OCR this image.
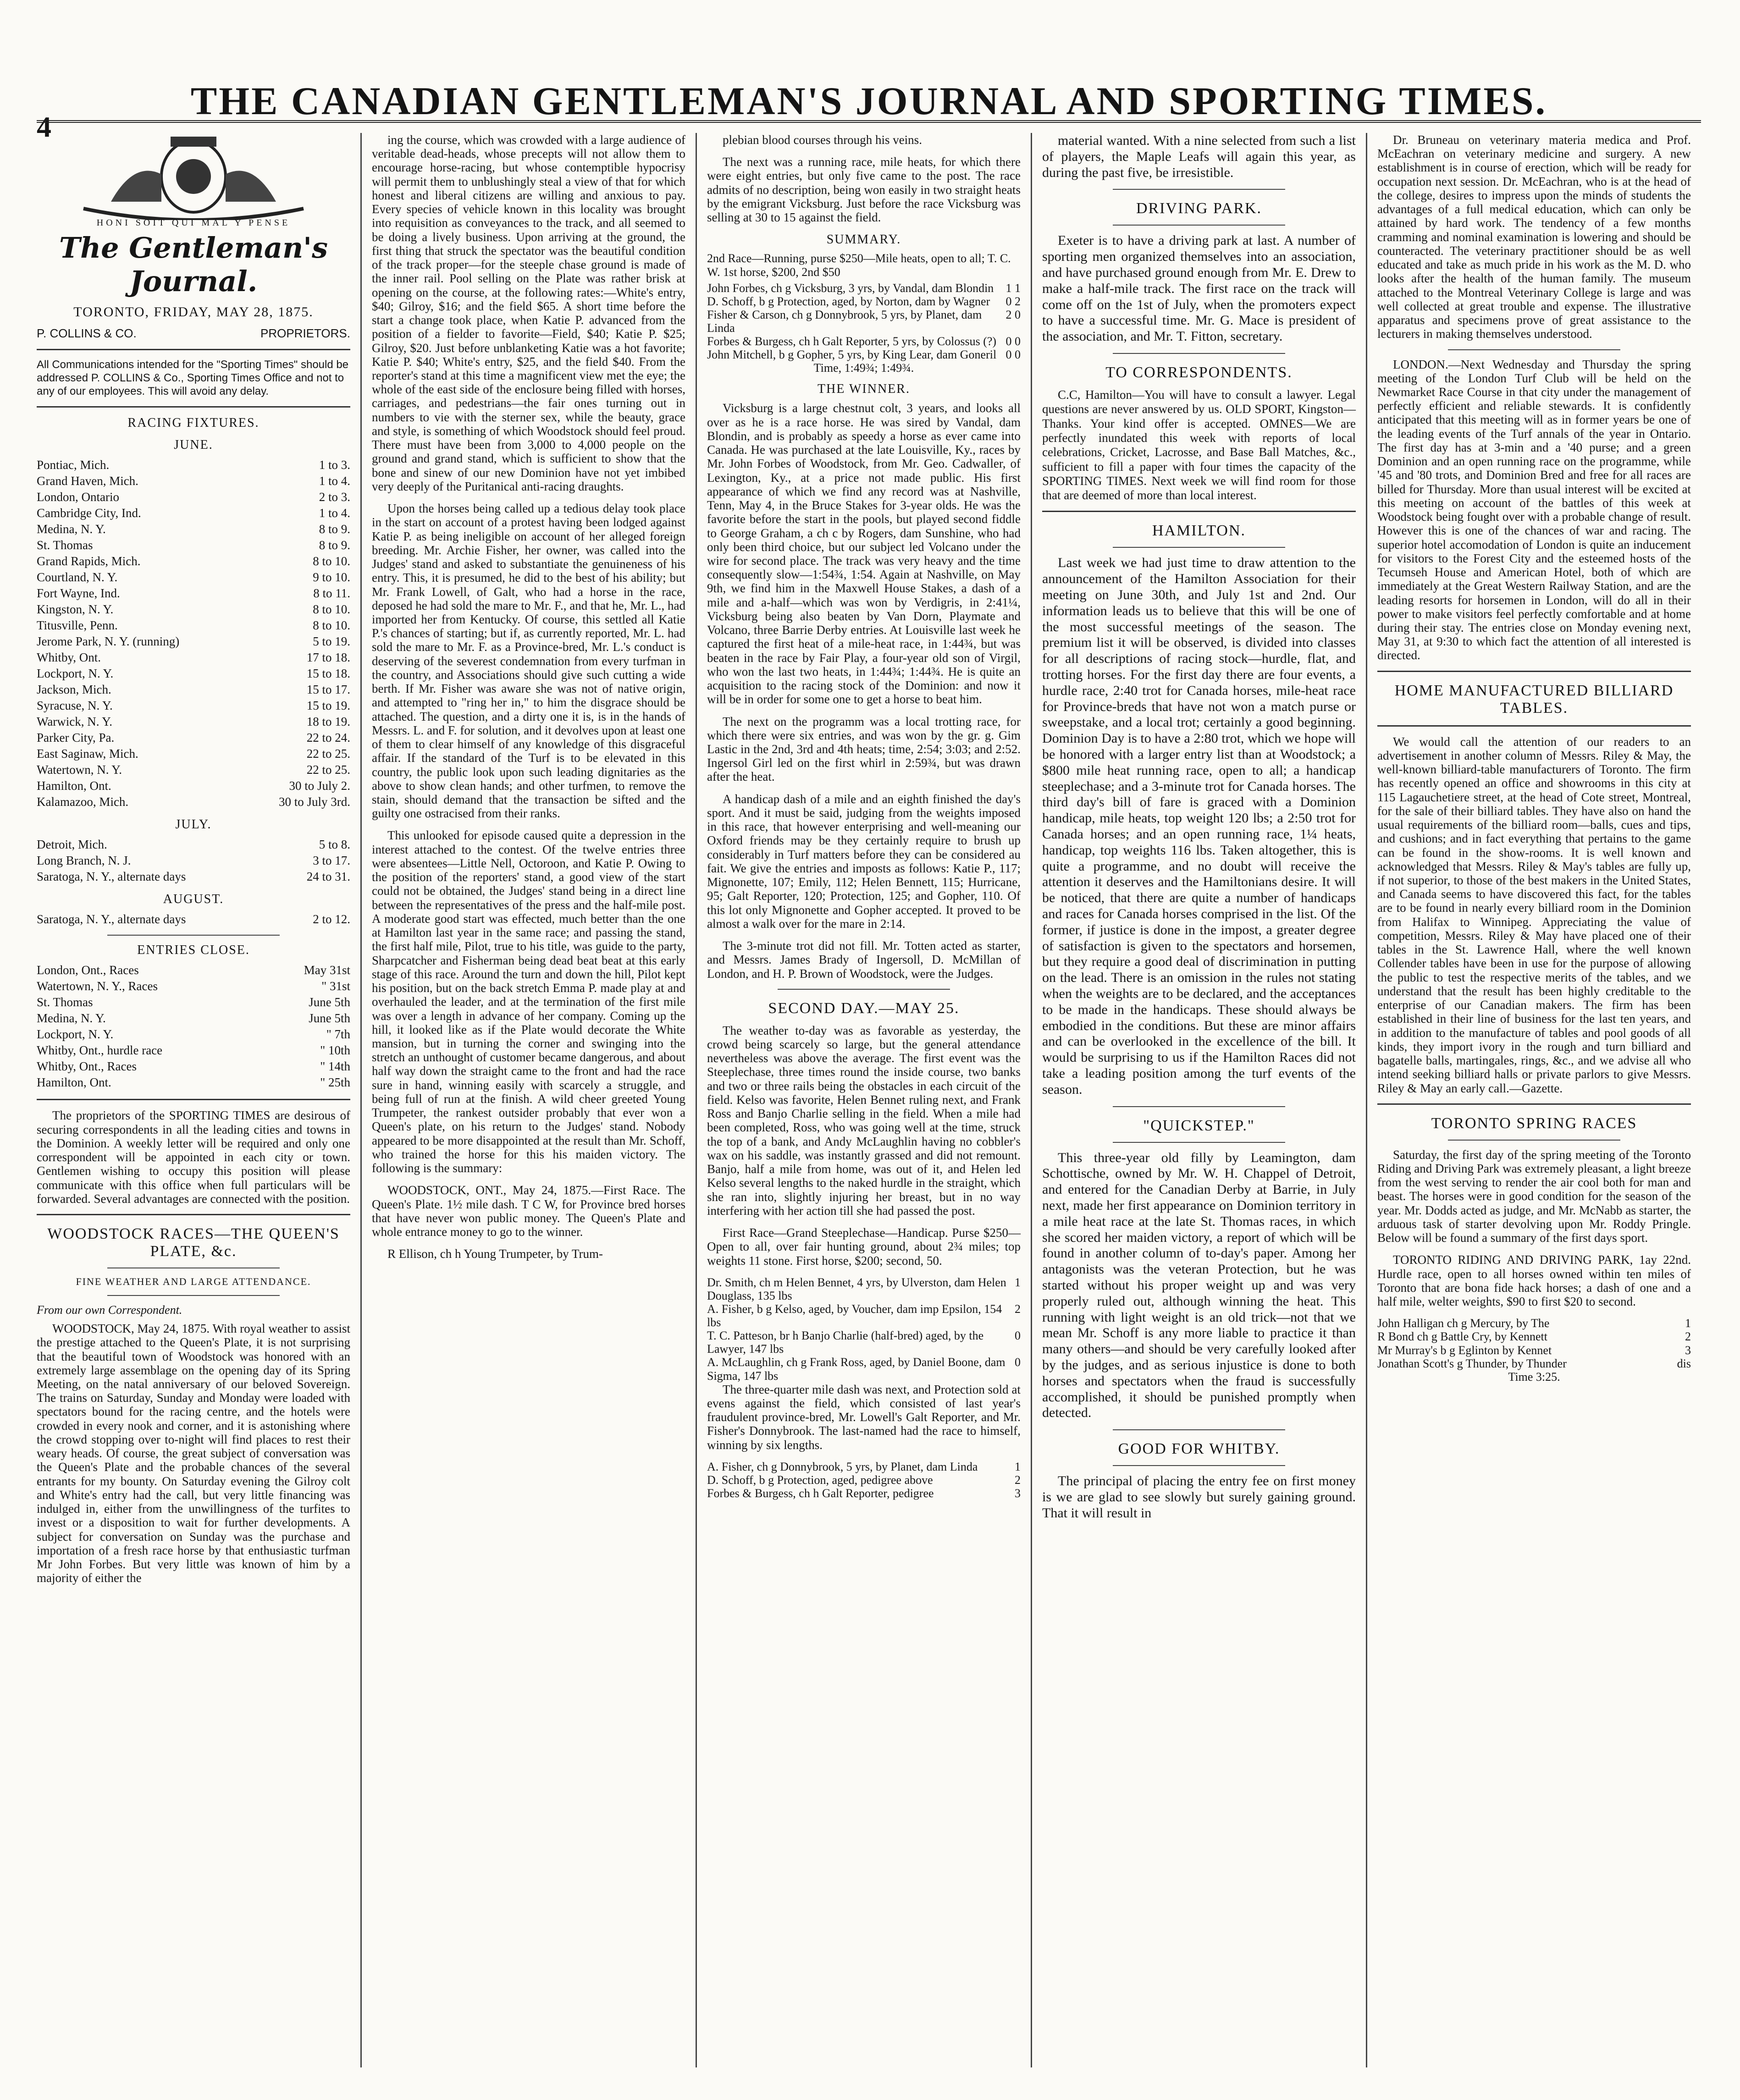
4
THE CANADIAN GENTLEMAN'S JOURNAL AND SPORTING TIMES.
HONI SOIT QUI MAL Y PENSE
The Gentleman's Journal.
TORONTO, FRIDAY, MAY 28, 1875.
P. COLLINS & CO.	PROPRIETORS.
All Communications intended for the "Sporting Times" should be addressed P. COLLINS & Co., Sporting Times Office and not to any of our employees. This will avoid any delay.
RACING FIXTURES.
JUNE.
Pontiac, Mich.	1 to 3.
Grand Haven, Mich.	1 to 4.
London, Ontario	2 to 3.
Cambridge City, Ind.	1 to 4.
Medina, N. Y.	8 to 9.
St. Thomas	8 to 9.
Grand Rapids, Mich.	8 to 10.
Courtland, N. Y.	9 to 10.
Fort Wayne, Ind.	8 to 11.
Kingston, N. Y.	8 to 10.
Titusville, Penn.	8 to 10.
Jerome Park, N. Y. (running)	5 to 19.
Whitby, Ont.	17 to 18.
Lockport, N. Y.	15 to 18.
Jackson, Mich.	15 to 17.
Syracuse, N. Y.	15 to 19.
Warwick, N. Y.	18 to 19.
Parker City, Pa.	22 to 24.
East Saginaw, Mich.	22 to 25.
Watertown, N. Y.	22 to 25.
Hamilton, Ont.	30 to July 2.
Kalamazoo, Mich.	30 to July 3rd.
JULY.
Detroit, Mich.	5 to 8.
Long Branch, N. J.	3 to 17.
Saratoga, N. Y., alternate days	24 to 31.
AUGUST.
Saratoga, N. Y., alternate days	2 to 12.
ENTRIES CLOSE.
London, Ont., Races	May 31st
Watertown, N. Y., Races	" 31st
St. Thomas	June 5th
Medina, N. Y.	June 5th
Lockport, N. Y.	" 7th
Whitby, Ont., hurdle race	" 10th
Whitby, Ont., Races	" 14th
Hamilton, Ont.	" 25th

The proprietors of the SPORTING TIMES are desirous of securing correspondents in all the leading cities and towns in the Dominion. A weekly letter will be required and only one correspondent will be appointed in each city or town. Gentlemen wishing to occupy this position will please communicate with this office when full particulars will be forwarded. Several advantages are connected with the position.

WOODSTOCK RACES—THE QUEEN'S PLATE, &c.
FINE WEATHER AND LARGE ATTENDANCE.
From our own Correspondent.

WOODSTOCK, May 24, 1875. With royal weather to assist the prestige attached to the Queen's Plate, it is not surprising that the beautiful town of Woodstock was honored with an extremely large assemblage on the opening day of its Spring Meeting, on the natal anniversary of our beloved Sovereign. The trains on Saturday, Sunday and Monday were loaded with spectators bound for the racing centre, and the hotels were crowded in every nook and corner, and it is astonishing where the crowd stopping over to-night will find places to rest their weary heads. Of course, the great subject of conversation was the Queen's Plate and the probable chances of the several entrants for my bounty. On Saturday evening the Gilroy colt and White's entry had the call, but very little financing was indulged in, either from the unwillingness of the turfites to invest or a disposition to wait for further developments. A subject for conversation on Sunday was the purchase and importation of a fresh race horse by that enthusiastic turfman Mr John Forbes. But very little was known of him by a majority of either the

ing the course, which was crowded with a large audience of veritable dead-heads, whose precepts will not allow them to encourage horse-racing, but whose contemptible hypocrisy will permit them to unblushingly steal a view of that for which honest and liberal citizens are willing and anxious to pay. Every species of vehicle known in this locality was brought into requisition as conveyances to the track, and all seemed to be doing a lively business. Upon arriving at the ground, the first thing that struck the spectator was the beautiful condition of the track proper—for the steeple chase ground is made of the inner rail. Pool selling on the Plate was rather brisk at opening on the course, at the following rates:—White's entry, $40; Gilroy, $16; and the field $65. A short time before the start a change took place, when Katie P. advanced from the position of a fielder to favorite—Field, $40; Katie P. $25; Gilroy, $20. Just before unblanketing Katie was a hot favorite; Katie P. $40; White's entry, $25, and the field $40. From the reporter's stand at this time a magnificent view met the eye; the whole of the east side of the enclosure being filled with horses, carriages, and pedestrians—the fair ones turning out in numbers to vie with the sterner sex, while the beauty, grace and style, is something of which Woodstock should feel proud. There must have been from 3,000 to 4,000 people on the ground and grand stand, which is sufficient to show that the bone and sinew of our new Dominion have not yet imbibed very deeply of the Puritanical anti-racing draughts.

Upon the horses being called up a tedious delay took place in the start on account of a protest having been lodged against Katie P. as being ineligible on account of her alleged foreign breeding. Mr. Archie Fisher, her owner, was called into the Judges' stand and asked to substantiate the genuineness of his entry. This, it is presumed, he did to the best of his ability; but Mr. Frank Lowell, of Galt, who had a horse in the race, deposed he had sold the mare to Mr. F., and that he, Mr. L., had imported her from Kentucky. Of course, this settled all Katie P.'s chances of starting; but if, as currently reported, Mr. L. had sold the mare to Mr. F. as a Province-bred, Mr. L.'s conduct is deserving of the severest condemnation from every turfman in the country, and Associations should give such cutting a wide berth. If Mr. Fisher was aware she was not of native origin, and attempted to "ring her in," to him the disgrace should be attached. The question, and a dirty one it is, is in the hands of Messrs. L. and F. for solution, and it devolves upon at least one of them to clear himself of any knowledge of this disgraceful affair. If the standard of the Turf is to be elevated in this country, the public look upon such leading dignitaries as the above to show clean hands; and other turfmen, to remove the stain, should demand that the transaction be sifted and the guilty one ostracised from their ranks.

This unlooked for episode caused quite a depression in the interest attached to the contest. Of the twelve entries three were absentees—Little Nell, Octoroon, and Katie P. Owing to the position of the reporters' stand, a good view of the start could not be obtained, the Judges' stand being in a direct line between the representatives of the press and the half-mile post. A moderate good start was effected, much better than the one at Hamilton last year in the same race; and passing the stand, the first half mile, Pilot, true to his title, was guide to the party, Sharpcatcher and Fisherman being dead beat beat at this early stage of this race. Around the turn and down the hill, Pilot kept his position, but on the back stretch Emma P. made play at and overhauled the leader, and at the termination of the first mile was over a length in advance of her company. Coming up the hill, it looked like as if the Plate would decorate the White mansion, but in turning the corner and swinging into the stretch an unthought of customer became dangerous, and about half way down the straight came to the front and had the race sure in hand, winning easily with scarcely a struggle, and being full of run at the finish. A wild cheer greeted Young Trumpeter, the rankest outsider probably that ever won a Queen's plate, on his return to the Judges' stand. Nobody appeared to be more disappointed at the result than Mr. Schoff, who trained the horse for this his maiden victory. The following is the summary:

WOODSTOCK, ONT., May 24, 1875.—First Race. The Queen's Plate. 1½ mile dash. T C W, for Province bred horses that have never won public money. The Queen's Plate and whole entrance money to go to the winner.

R Ellison, ch h Young Trumpeter, by Trum-

plebian blood courses through his veins.

The next was a running race, mile heats, for which there were eight entries, but only five came to the post. The race admits of no description, being won easily in two straight heats by the emigrant Vicksburg. Just before the race Vicksburg was selling at 30 to 15 against the field.

SUMMARY.
2nd Race—Running, purse $250—Mile heats, open to all; T. C. W. 1st horse, $200, 2nd $50
John Forbes, ch g Vicksburg, 3 yrs, by Vandal, dam Blondin 1 1
D. Schoff, b g Protection, aged, by Norton, dam by Wagner 0 2
Fisher & Carson, ch g Donnybrook, 5 yrs, by Planet, dam Linda
2 0
Forbes & Burgess, ch h Galt Reporter, 5 yrs, by Colossus (?) 0 0
John Mitchell, b g Gopher, 5 yrs, by King Lear, dam Goneril 0 0
Time, 1:49¾; 1:49¾.
THE WINNER.

Vicksburg is a large chestnut colt, 3 years, and looks all over as he is a race horse. He was sired by Vandal, dam Blondin, and is probably as speedy a horse as ever came into Canada. He was purchased at the late Louisville, Ky., races by Mr. John Forbes of Woodstock, from Mr. Geo. Cadwaller, of Lexington, Ky., at a price not made public. His first appearance of which we find any record was at Nashville, Tenn, May 4, in the Bruce Stakes for 3-year olds. He was the favorite before the start in the pools, but played second fiddle to George Graham, a ch c by Rogers, dam Sunshine, who had only been third choice, but our subject led Volcano under the wire for second place. The track was very heavy and the time consequently slow—1:54¾, 1:54. Again at Nashville, on May 9th, we find him in the Maxwell House Stakes, a dash of a mile and a-half—which was won by Verdigris, in 2:41¼, Vicksburg being also beaten by Van Dorn, Playmate and Volcano, three Barrie Derby entries. At Louisville last week he captured the first heat of a mile-heat race, in 1:44¾, but was beaten in the race by Fair Play, a four-year old son of Virgil, who won the last two heats, in 1:44¾; 1:44¾. He is quite an acquisition to the racing stock of the Dominion: and now it will be in order for some one to get a horse to beat him.

The next on the programm was a local trotting race, for which there were six entries, and was won by the gr. g. Gim Lastic in the 2nd, 3rd and 4th heats; time, 2:54; 3:03; and 2:52. Ingersol Girl led on the first whirl in 2:59¾, but was drawn after the heat.

A handicap dash of a mile and an eighth finished the day's sport. And it must be said, judging from the weights imposed in this race, that however enterprising and well-meaning our Oxford friends may be they certainly require to brush up considerably in Turf matters before they can be considered au fait. We give the entries and imposts as follows: Katie P., 117; Mignonette, 107; Emily, 112; Helen Bennett, 115; Hurricane, 95; Galt Reporter, 120; Protection, 125; and Gopher, 110. Of this lot only Mignonette and Gopher accepted. It proved to be almost a walk over for the mare in 2:14.

The 3-minute trot did not fill. Mr. Totten acted as starter, and Messrs. James Brady of Ingersoll, D. McMillan of London, and H. P. Brown of Woodstock, were the Judges.

SECOND DAY.—MAY 25.

The weather to-day was as favorable as yesterday, the crowd being scarcely so large, but the general attendance nevertheless was above the average. The first event was the Steeplechase, three times round the inside course, two banks and two or three rails being the obstacles in each circuit of the field. Kelso was favorite, Helen Bennet ruling next, and Frank Ross and Banjo Charlie selling in the field. When a mile had been completed, Ross, who was going well at the time, struck the top of a bank, and Andy McLaughlin having no cobbler's wax on his saddle, was instantly grassed and did not remount. Banjo, half a mile from home, was out of it, and Helen led Kelso several lengths to the naked hurdle in the straight, which she ran into, slightly injuring her breast, but in no way interfering with her action till she had passed the post.

First Race—Grand Steeplechase—Handicap. Purse $250—Open to all, over fair hunting ground, about 2¾ miles; top weights 11 stone. First horse, $200; second, 50.

Dr. Smith, ch m Helen Bennet, 4 yrs, by Ulverston, dam Helen Douglass, 135 lbs
1
A. Fisher, b g Kelso, aged, by Voucher, dam imp Epsilon, 154 lbs
2
T. C. Patteson, br h Banjo Charlie (half-bred) aged, by the Lawyer, 147 lbs
0
A. McLaughlin, ch g Frank Ross, aged, by Daniel Boone, dam Sigma, 147 lbs
0

The three-quarter mile dash was next, and Protection sold at evens against the field, which consisted of last year's fraudulent province-bred, Mr. Lowell's Galt Reporter, and Mr. Fisher's Donnybrook. The last-named had the race to himself, winning by six lengths.

A. Fisher, ch g Donnybrook, 5 yrs, by Planet, dam Linda	1
D. Schoff, b g Protection, aged, pedigree above	2
Forbes & Burgess, ch h Galt Reporter, pedigree	3

material wanted. With a nine selected from such a list of players, the Maple Leafs will again this year, as during the past five, be irresistible.

DRIVING PARK.

Exeter is to have a driving park at last. A number of sporting men organized themselves into an association, and have purchased ground enough from Mr. E. Drew to make a half-mile track. The first race on the track will come off on the 1st of July, when the promoters expect to have a successful time. Mr. G. Mace is president of the association, and Mr. T. Fitton, secretary.

TO CORRESPONDENTS.

C.C, Hamilton—You will have to consult a lawyer. Legal questions are never answered by us. OLD SPORT, Kingston—Thanks. Your kind offer is accepted. OMNES—We are perfectly inundated this week with reports of local celebrations, Cricket, Lacrosse, and Base Ball Matches, &c., sufficient to fill a paper with four times the capacity of the SPORTING TIMES. Next week we will find room for those that are deemed of more than local interest.

HAMILTON.

Last week we had just time to draw attention to the announcement of the Hamilton Association for their meeting on June 30th, and July 1st and 2nd. Our information leads us to believe that this will be one of the most successful meetings of the season. The premium list it will be observed, is divided into classes for all descriptions of racing stock—hurdle, flat, and trotting horses. For the first day there are four events, a hurdle race, 2:40 trot for Canada horses, mile-heat race for Province-breds that have not won a match purse or sweepstake, and a local trot; certainly a good beginning. Dominion Day is to have a 2:80 trot, which we hope will be honored with a larger entry list than at Woodstock; a $800 mile heat running race, open to all; a handicap steeplechase; and a 3-minute trot for Canada horses. The third day's bill of fare is graced with a Dominion handicap, mile heats, top weight 120 lbs; a 2:50 trot for Canada horses; and an open running race, 1¼ heats, handicap, top weights 116 lbs. Taken altogether, this is quite a programme, and no doubt will receive the attention it deserves and the Hamiltonians desire. It will be noticed, that there are quite a number of handicaps and races for Canada horses comprised in the list. Of the former, if justice is done in the impost, a greater degree of satisfaction is given to the spectators and horsemen, but they require a good deal of discrimination in putting on the lead. There is an omission in the rules not stating when the weights are to be declared, and the acceptances to be made in the handicaps. These should always be embodied in the conditions. But these are minor affairs and can be overlooked in the excellence of the bill. It would be surprising to us if the Hamilton Races did not take a leading position among the turf events of the season.

"QUICKSTEP."

This three-year old filly by Leamington, dam Schottische, owned by Mr. W. H. Chappel of Detroit, and entered for the Canadian Derby at Barrie, in July next, made her first appearance on Dominion territory in a mile heat race at the late St. Thomas races, in which she scored her maiden victory, a report of which will be found in another column of to-day's paper. Among her antagonists was the veteran Protection, but he was started without his proper weight up and was very properly ruled out, although winning the heat. This running with light weight is an old trick—not that we mean Mr. Schoff is any more liable to practice it than many others—and should be very carefully looked after by the judges, and as serious injustice is done to both horses and spectators when the fraud is successfully accomplished, it should be punished promptly when detected.

GOOD FOR WHITBY.

The principal of placing the entry fee on first money is we are glad to see slowly but surely gaining ground. That it will result in

Dr. Bruneau on veterinary materia medica and Prof. McEachran on veterinary medicine and surgery. A new establishment is in course of erection, which will be ready for occupation next session. Dr. McEachran, who is at the head of the college, desires to impress upon the minds of students the advantages of a full medical education, which can only be attained by hard work. The tendency of a few months cramming and nominal examination is lowering and should be counteracted. The veterinary practitioner should be as well educated and take as much pride in his work as the M. D. who looks after the health of the human family. The museum attached to the Montreal Veterinary College is large and was well collected at great trouble and expense. The illustrative apparatus and specimens prove of great assistance to the lecturers in making themselves understood.

LONDON.—Next Wednesday and Thursday the spring meeting of the London Turf Club will be held on the Newmarket Race Course in that city under the management of perfectly efficient and reliable stewards. It is confidently anticipated that this meeting will as in former years be one of the leading events of the Turf annals of the year in Ontario. The first day has at 3-min and a '40 purse; and a green Dominion and an open running race on the programme, while '45 and '80 trots, and Dominion Bred and free for all races are billed for Thursday. More than usual interest will be excited at this meeting on account of the battles of this week at Woodstock being fought over with a probable change of result. However this is one of the chances of war and racing. The superior hotel accomodation of London is quite an inducement for visitors to the Forest City and the esteemed hosts of the Tecumseh House and American Hotel, both of which are immediately at the Great Western Railway Station, and are the leading resorts for horsemen in London, will do all in their power to make visitors feel perfectly comfortable and at home during their stay. The entries close on Monday evening next, May 31, at 9:30 to which fact the attention of all interested is directed.

HOME MANUFACTURED BILLIARD TABLES.

We would call the attention of our readers to an advertisement in another column of Messrs. Riley & May, the well-known billiard-table manufacturers of Toronto. The firm has recently opened an office and showrooms in this city at 115 Lagauchetiere street, at the head of Cote street, Montreal, for the sale of their billiard tables. They have also on hand the usual requirements of the billiard room—balls, cues and tips, and cushions; and in fact everything that pertains to the game can be found in the show-rooms. It is well known and acknowledged that Messrs. Riley & May's tables are fully up, if not superior, to those of the best makers in the United States, and Canada seems to have discovered this fact, for the tables are to be found in nearly every billiard room in the Dominion from Halifax to Winnipeg. Appreciating the value of competition, Messrs. Riley & May have placed one of their tables in the St. Lawrence Hall, where the well known Collender tables have been in use for the purpose of allowing the public to test the respective merits of the tables, and we understand that the result has been highly creditable to the enterprise of our Canadian makers. The firm has been established in their line of business for the last ten years, and in addition to the manufacture of tables and pool goods of all kinds, they import ivory in the rough and turn billiard and bagatelle balls, martingales, rings, &c., and we advise all who intend seeking billiard halls or private parlors to give Messrs. Riley & May an early call.—Gazette.

TORONTO SPRING RACES

Saturday, the first day of the spring meeting of the Toronto Riding and Driving Park was extremely pleasant, a light breeze from the west serving to render the air cool both for man and beast. The horses were in good condition for the season of the year. Mr. Dodds acted as judge, and Mr. McNabb as starter, the arduous task of starter devolving upon Mr. Roddy Pringle. Below will be found a summary of the first days sport.

TORONTO RIDING AND DRIVING PARK, 1ay 22nd. Hurdle race, open to all horses owned within ten miles of Toronto that are bona fide hack horses; a dash of one and a half mile, welter weights, $90 to first $20 to second.

John Halligan ch g Mercury, by The	1
R Bond ch g Battle Cry, by Kennett	2
Mr Murray's b g Eglinton by Kennet	3
Jonathan Scott's g Thunder, by Thunder	dis
Time 3:25.
